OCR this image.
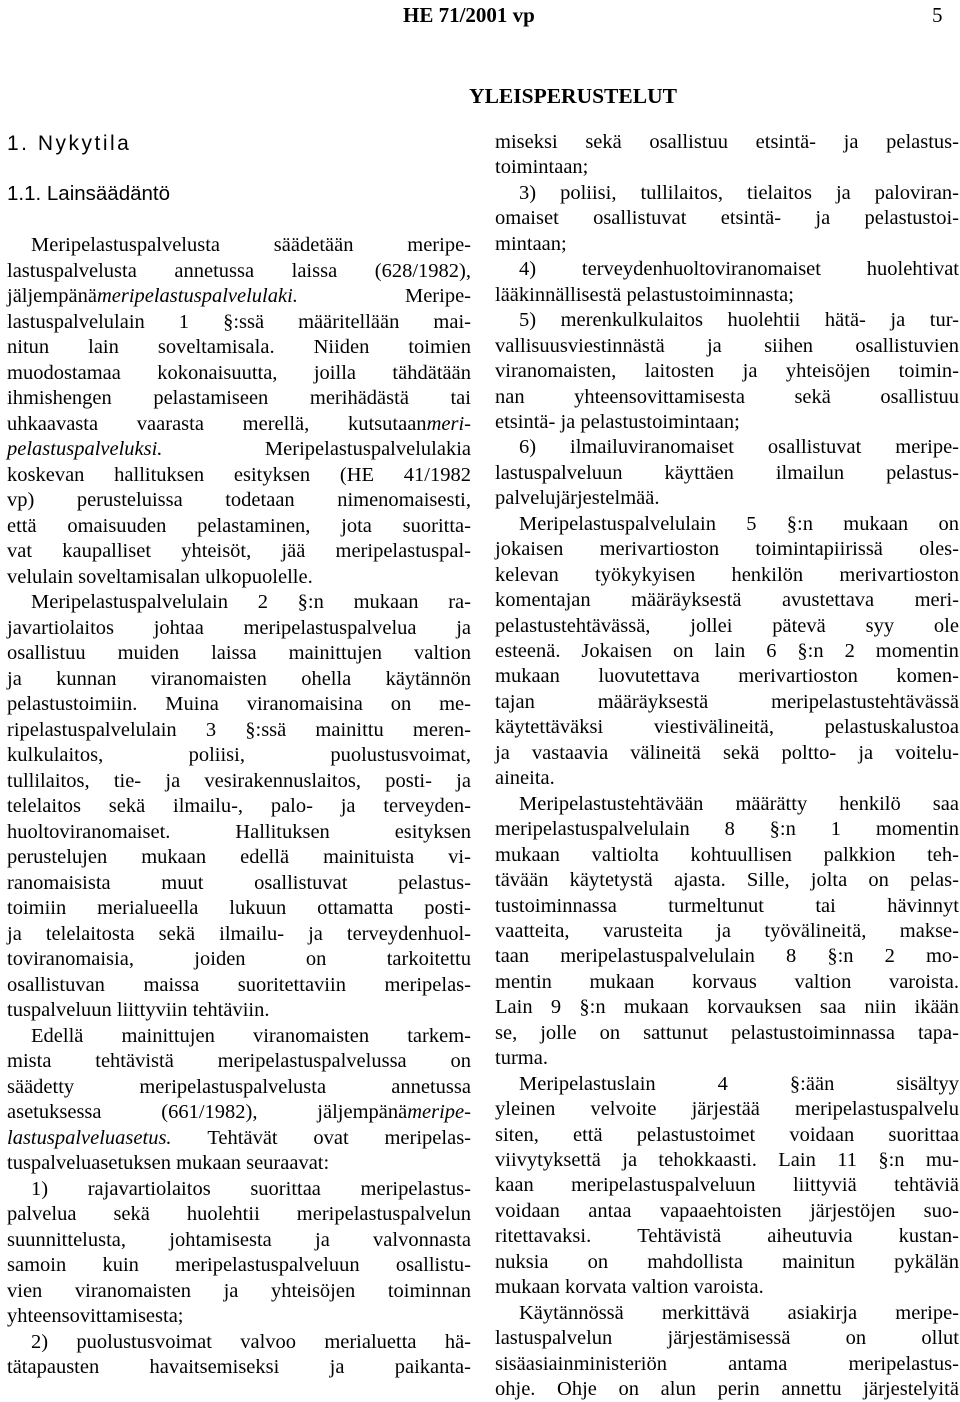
HE 71/2001 vp	5
YLEISPERUSTELUT
1. Nykytila
1.1. Lainsäädäntö
Meripelastuspalvelusta	säädetään	meripe-
lastuspalvelusta annetussa laissa (628/1982),
jäljempänämeripelastuspalvelulaki.	Meripe-
lastuspalvelulain 1 §:ssä määritellään mai-
nitun lain soveltamisala. Niiden toimien
muodostamaa kokonaisuutta, joilla tähdätään
ihmishengen pelastamiseen merihädästä tai
uhkaavasta vaarasta merellä, kutsutaanmeri-
pelastuspalveluksi.	Meripelastuspalvelulakia
koskevan hallituksen esityksen (HE 41/1982
vp) perusteluissa todetaan nimenomaisesti,
että omaisuuden pelastaminen, jota suoritta-
vat kaupalliset yhteisöt, jää meripelastuspal-
velulain soveltamisalan ulkopuolelle.
Meripelastuspalvelulain 2 §:n mukaan ra-
javartiolaitos johtaa meripelastuspalvelua ja
osallistuu muiden laissa mainittujen valtion
ja kunnan viranomaisten ohella käytännön
pelastustoimiin. Muina viranomaisina on me-
ripelastuspalvelulain 3 §:ssä mainittu meren-
kulkulaitos,	poliisi,	puolustusvoimat,
tullilaitos, tie- ja vesirakennuslaitos, posti- ja
telelaitos sekä ilmailu-, palo- ja terveyden-
huoltoviranomaiset.	Hallituksen	esityksen
perustelujen mukaan edellä mainituista vi-
ranomaisista muut osallistuvat pelastus-
toimiin merialueella lukuun ottamatta posti-
ja telelaitosta sekä ilmailu- ja terveydenhuol-
toviranomaisia,	joiden	on	tarkoitettu
osallistuvan maissa suoritettaviin meripelas-
tuspalveluun liittyviin tehtäviin.
Edellä mainittujen viranomaisten tarkem-
mista tehtävistä meripelastuspalvelussa on
säädetty	meripelastuspalvelusta	annetussa
asetuksessa	(661/1982),	jäljempänämeripe-
lastuspalveluasetus. Tehtävät ovat meripelas-
tuspalveluasetuksen mukaan seuraavat:
1) rajavartiolaitos suorittaa meripelastus-
palvelua sekä huolehtii meripelastuspalvelun
suunnittelusta, johtamisesta ja valvonnasta
samoin kuin meripelastuspalveluun osallistu-
vien viranomaisten ja yhteisöjen toiminnan
yhteensovittamisesta;
2) puolustusvoimat valvoo merialuetta hä-
tätapausten havaitsemiseksi ja paikanta-
miseksi sekä osallistuu etsintä- ja pelastus-
toimintaan;
3) poliisi, tullilaitos, tielaitos ja paloviran-
omaiset osallistuvat etsintä- ja pelastustoi-
mintaan;
4) terveydenhuoltoviranomaiset huolehtivat
lääkinnällisestä pelastustoiminnasta;
5) merenkulkulaitos huolehtii hätä- ja tur-
vallisuusviestinnästä ja siihen osallistuvien
viranomaisten, laitosten ja yhteisöjen toimin-
nan yhteensovittamisesta sekä osallistuu
etsintä- ja pelastustoimintaan;
6) ilmailuviranomaiset osallistuvat meripe-
lastuspalveluun käyttäen ilmailun pelastus-
palvelujärjestelmää.
Meripelastuspalvelulain 5 §:n mukaan on
jokaisen merivartioston toimintapiirissä oles-
kelevan työkykyisen henkilön merivartioston
komentajan määräyksestä avustettava meri-
pelastustehtävässä, jollei pätevä syy ole
esteenä. Jokaisen on lain 6 §:n 2 momentin
mukaan luovutettava merivartioston komen-
tajan	määräyksestä	meripelastustehtävässä
käytettäväksi viestivälineitä, pelastuskalustoa
ja vastaavia välineitä sekä poltto- ja voitelu-
aineita.
Meripelastustehtävään määrätty henkilö saa
meripelastuspalvelulain 8 §:n 1 momentin
mukaan valtiolta kohtuullisen palkkion teh-
tävään käytetystä ajasta. Sille, jolta on pelas-
tustoiminnassa	turmeltunut	tai	hävinnyt
vaatteita, varusteita ja työvälineitä, makse-
taan meripelastuspalvelulain 8 §:n 2 mo-
mentin mukaan korvaus valtion varoista.
Lain 9 §:n mukaan korvauksen saa niin ikään
se, jolle on sattunut pelastustoiminnassa tapa-
turma.
Meripelastuslain	4	§:ään	sisältyy
yleinen velvoite järjestää meripelastuspalvelu
siten, että pelastustoimet voidaan suorittaa
viivytyksettä ja tehokkaasti. Lain 11 §:n mu-
kaan meripelastuspalveluun liittyviä tehtäviä
voidaan antaa vapaaehtoisten järjestöjen suo-
ritettavaksi. Tehtävistä aiheutuvia kustan-
nuksia on mahdollista mainitun pykälän
mukaan korvata valtion varoista.
Käytännössä merkittävä asiakirja meripe-
lastuspalvelun	järjestämisessä	on	ollut
sisäasiainministeriön	antama	meripelastus-
ohje. Ohje on alun perin annettu järjestelyitä
